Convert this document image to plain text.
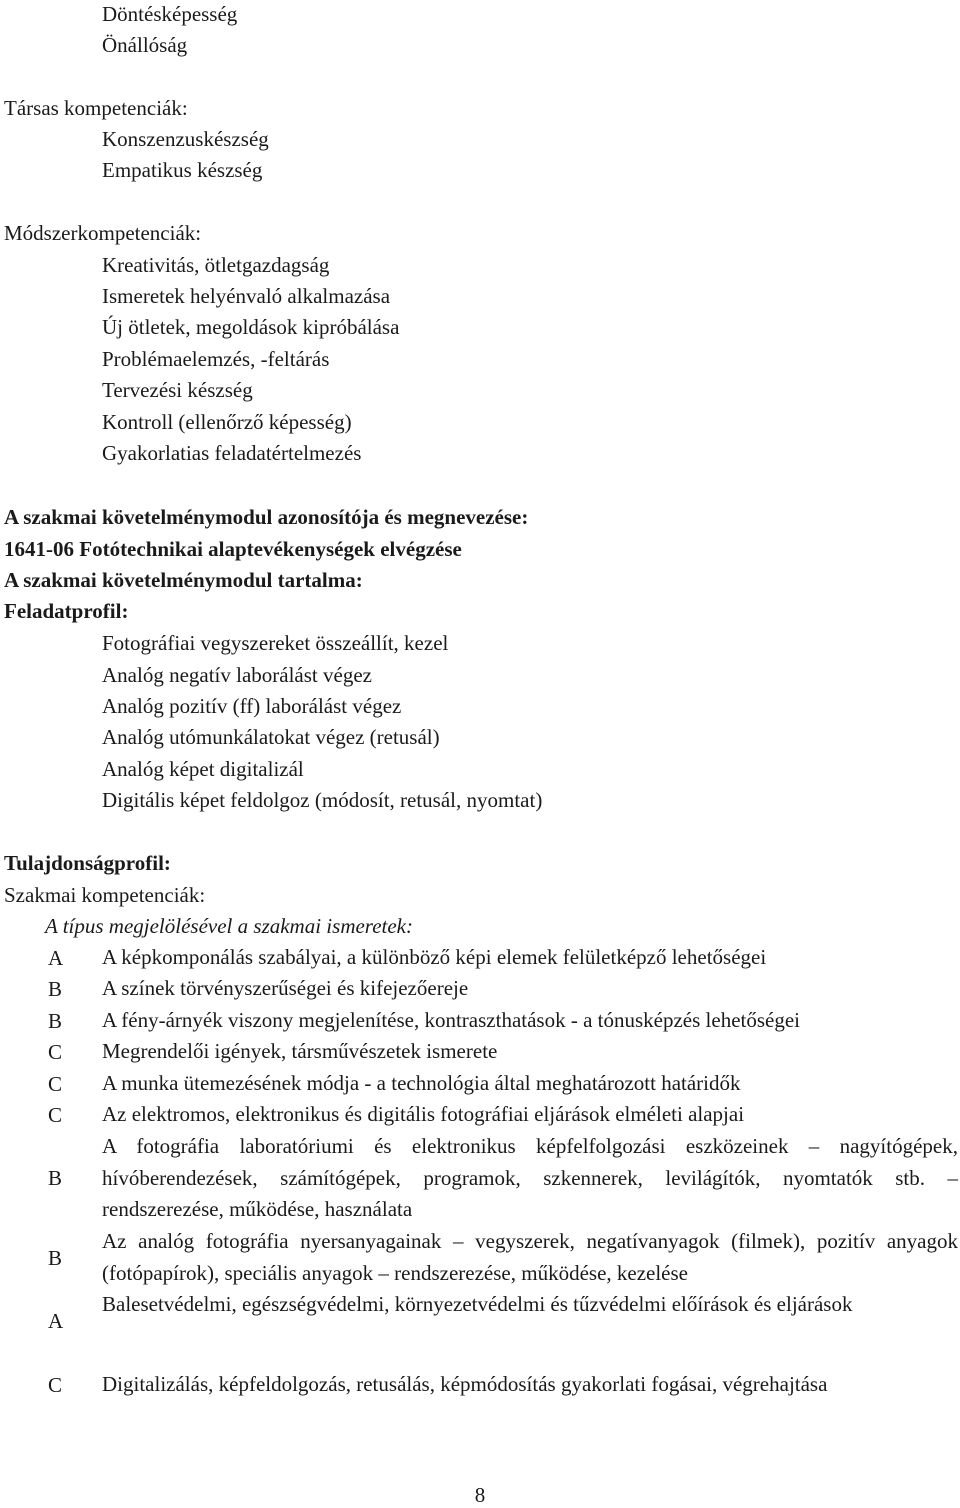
Döntésképesség
Önállóság
Társas kompetenciák:
Konszenzuskészség
Empatikus készség
Módszerkompetenciák:
Kreativitás, ötletgazdagság
Ismeretek helyénvaló alkalmazása
Új ötletek, megoldások kipróbálása
Problémaelemzés, -feltárás
Tervezési készség
Kontroll (ellenőrző képesség)
Gyakorlatias feladatértelmezés
A szakmai követelménymodul azonosítója és megnevezése:
1641-06 Fotótechnikai alaptevékenységek elvégzése
A szakmai követelménymodul tartalma:
Feladatprofil:
Fotográfiai vegyszereket összeállít, kezel
Analóg negatív laborálást végez
Analóg pozitív (ff) laborálást végez
Analóg utómunkálatokat végez (retusál)
Analóg képet digitalizál
Digitális képet feldolgoz (módosít, retusál, nyomtat)
Tulajdonságprofil:
Szakmai kompetenciák:
A típus megjelölésével a szakmai ismeretek:
A A képkomponálás szabályai, a különböző képi elemek felületképző lehetőségei
B A színek törvényszerűségei és kifejezőereje
B A fény-árnyék viszony megjelenítése, kontraszthatások - a tónusképzés lehetőségei
C Megrendelői igények, társművészetek ismerete
C A munka ütemezésének módja - a technológia által meghatározott határidők
C Az elektromos, elektronikus és digitális fotográfiai eljárások elméleti alapjai
B
A fotográfia laboratóriumi és elektronikus képfelfolgozási eszközeinek – nagyítógépek, hívóberendezések, számítógépek, programok, szkennerek, levilágítók, nyomtatók stb. – rendszerezése, működése, használata
B
Az analóg fotográfia nyersanyagainak – vegyszerek, negatívanyagok (filmek), pozitív anyagok (fotópapírok), speciális anyagok – rendszerezése, működése, kezelése
A
Balesetvédelmi, egészségvédelmi, környezetvédelmi és tűzvédelmi előírások és eljárások
C Digitalizálás, képfeldolgozás, retusálás, képmódosítás gyakorlati fogásai, végrehajtása
8
